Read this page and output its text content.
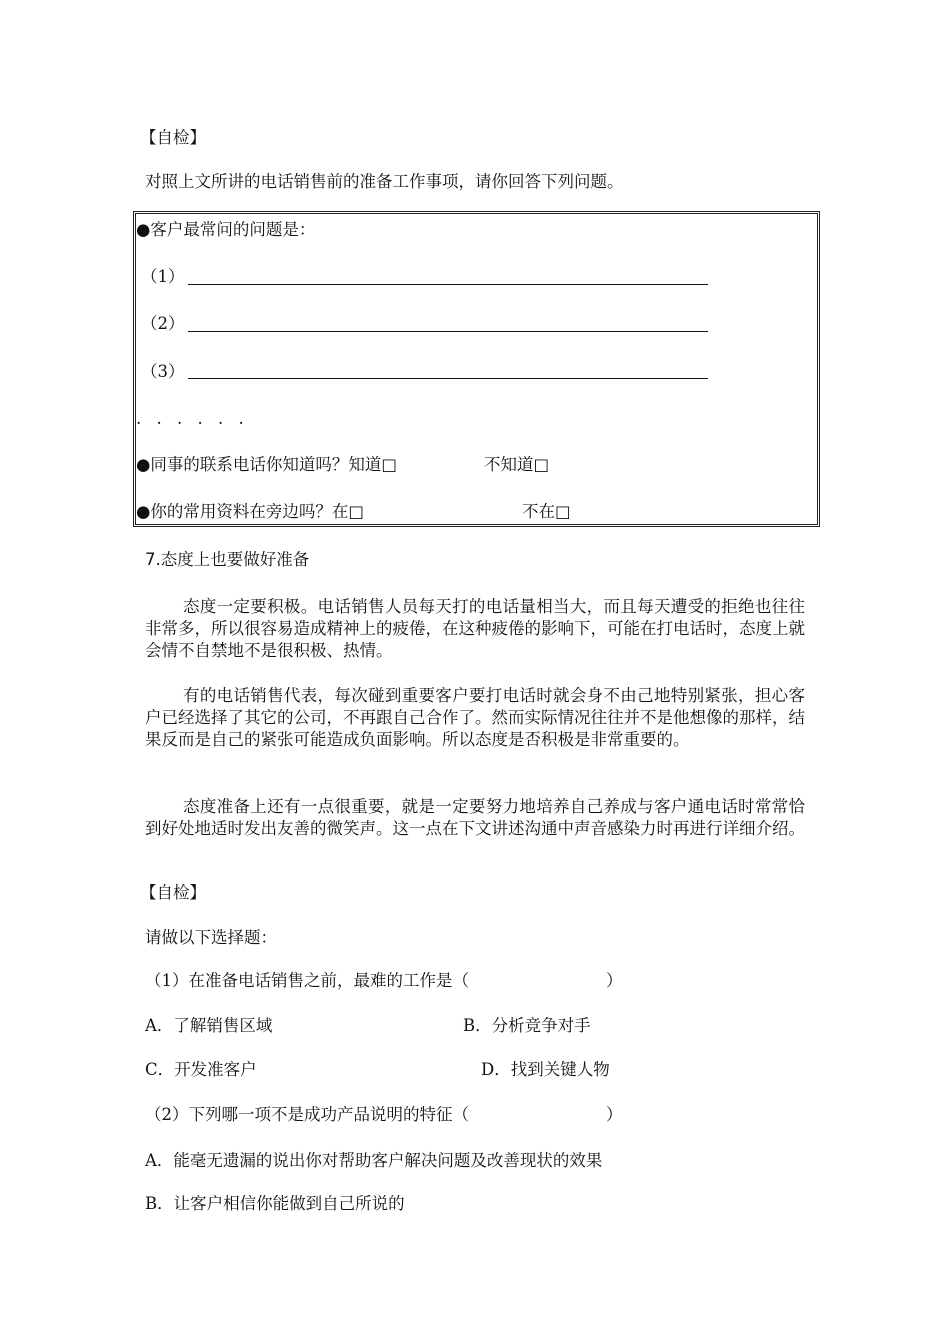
【自检】
对照上文所讲的电话销售前的准备工作事项，请你回答下列问题。
●客户最常问的问题是：
（1）
（2）
（3）
. . . . . .
●同事的联系电话你知道吗？知道□	不知道□
●你的常用资料在旁边吗？在□	不在□
7.态度上也要做好准备
态度一定要积极。电话销售人员每天打的电话量相当大，而且每天遭受的拒绝也往往非常多，所以很容易造成精神上的疲倦，在这种疲倦的影响下，可能在打电话时，态度上就会情不自禁地不是很积极、热情。
有的电话销售代表，每次碰到重要客户要打电话时就会身不由己地特别紧张，担心客户已经选择了其它的公司，不再跟自己合作了。然而实际情况往往并不是他想像的那样，结果反而是自己的紧张可能造成负面影响。所以态度是否积极是非常重要的。
态度准备上还有一点很重要，就是一定要努力地培养自己养成与客户通电话时常常恰到好处地适时发出友善的微笑声。这一点在下文讲述沟通中声音感染力时再进行详细介绍。
【自检】
请做以下选择题：
（1）在准备电话销售之前，最难的工作是（	）
A．了解销售区域	B．分析竞争对手
C．开发准客户	D．找到关键人物
（2）下列哪一项不是成功产品说明的特征（	）
A．能毫无遗漏的说出你对帮助客户解决问题及改善现状的效果
B．让客户相信你能做到自己所说的
